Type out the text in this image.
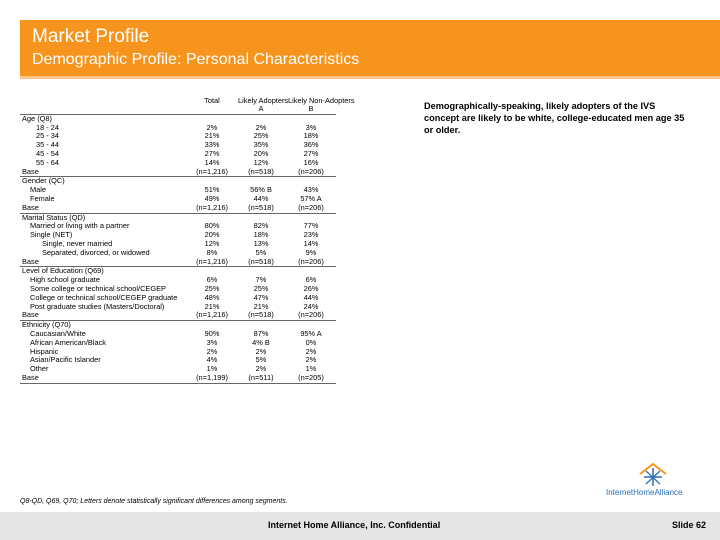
Market Profile
Demographic Profile: Personal Characteristics
	Total	Likely Adopters	Likely Non-Adopters
		A	B
Age (Q8)			
18 - 24	2%	2%	3%
25 - 34	21%	25%	18%
35 - 44	33%	35%	36%
45 - 54	27%	20%	27%
55 - 64	14%	12%	16%
Base	(n=1,216)	(n=518)	(n=206)
Gender (QC)			
Male	51%	56% B	43%
Female	49%	44%	57% A
Base	(n=1,216)	(n=518)	(n=206)
Marital Status (QD)			
Married or living with a partner	80%	82%	77%
Single (NET)	20%	18%	23%
Single, never married	12%	13%	14%
Separated, divorced, or widowed	8%	5%	9%
Base	(n=1,216)	(n=518)	(n=206)
Level of Education (Q69)			
High school graduate	6%	7%	6%
Some college or technical school/CEGEP	25%	25%	26%
College or technical school/CEGEP graduate	48%	47%	44%
Post graduate studies (Masters/Doctoral)	21%	21%	24%
Base	(n=1,216)	(n=518)	(n=206)
Ethnicity (Q70)			
Caucasian/White	90%	87%	95% A
African American/Black	3%	4% B	0%
Hispanic	2%	2%	2%
Asian/Pacific Islander	4%	5%	2%
Other	1%	2%	1%
Base	(n=1,199)	(n=511)	(n=205)
Demographically-speaking, likely adopters of the IVS concept are likely to be white, college-educated men age 35 or older.
Q8-QD, Q69, Q70; Letters denote statistically significant differences among segments.
InternetHomeAlliance
Internet Home Alliance, Inc. Confidential	Slide 62
